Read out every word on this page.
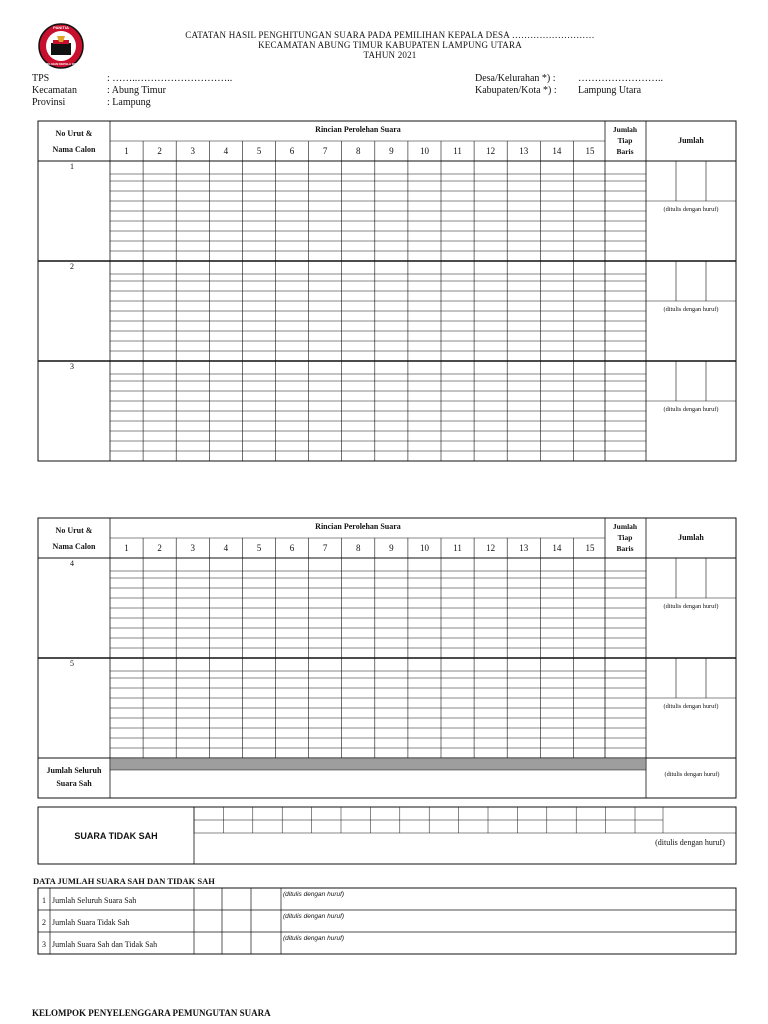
PANITIA
PEMILIHAN KEPALA DESA
CATATAN HASIL PENGHITUNGAN SUARA PADA PEMILIHAN KEPALA DESA ………………………
KECAMATAN ABUNG TIMUR KABUPATEN LAMPUNG UTARA
TAHUN 2021
TPS	: ……..………………………..
Kecamatan	: Abung Timur
Provinsi	: Lampung
Desa/Kelurahan *) : ……………………..
Kabupaten/Kota *) : Lampung Utara
No Urut &
Nama Calon
Rincian Perolehan Suara
1	2	3	4	5	6	7	8	9	10	11	12	13	14	15
Jumlah
Tiap
Baris
Jumlah
1
(ditulis dengan huruf)
2
(ditulis dengan huruf)
3
(ditulis dengan huruf)
No Urut &
Nama Calon
Rincian Perolehan Suara
1	2	3	4	5	6	7	8	9	10	11	12	13	14	15
Jumlah
Tiap
Baris
Jumlah
4
(ditulis dengan huruf)
5
(ditulis dengan huruf)
Jumlah Seluruh
Suara Sah
(ditulis dengan huruf)
SUARA TIDAK SAH
(ditulis dengan huruf)
DATA JUMLAH SUARA SAH DAN TIDAK SAH
1 Jumlah Seluruh Suara Sah
(ditulis dengan huruf)
2 Jumlah Suara Tidak Sah
(ditulis dengan huruf)
3 Jumlah Suara Sah dan Tidak Sah
(ditulis dengan huruf)
KELOMPOK PENYELENGGARA PEMUNGUTAN SUARA
